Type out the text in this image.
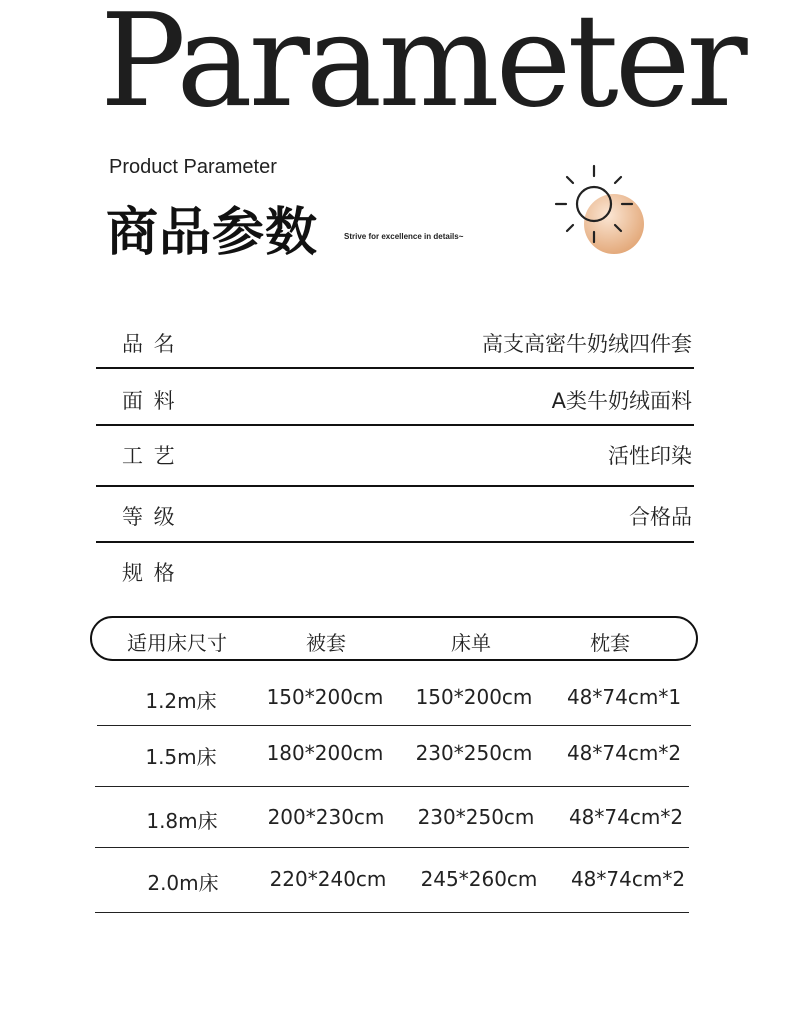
Parameter
Product Parameter
商品参数	Strive for excellence in details~
品 名	高支高密牛奶绒四件套
面 料	A类牛奶绒面料
工 艺	活性印染
等 级	合格品
规 格
适用床尺寸	被套	床单	枕套
1.2m床 150*200cm 150*200cm 48*74cm*1
1.5m床 180*200cm 230*250cm 48*74cm*2
1.8m床 200*230cm 230*250cm 48*74cm*2
2.0m床	220*240cm 245*260cm 48*74cm*2
